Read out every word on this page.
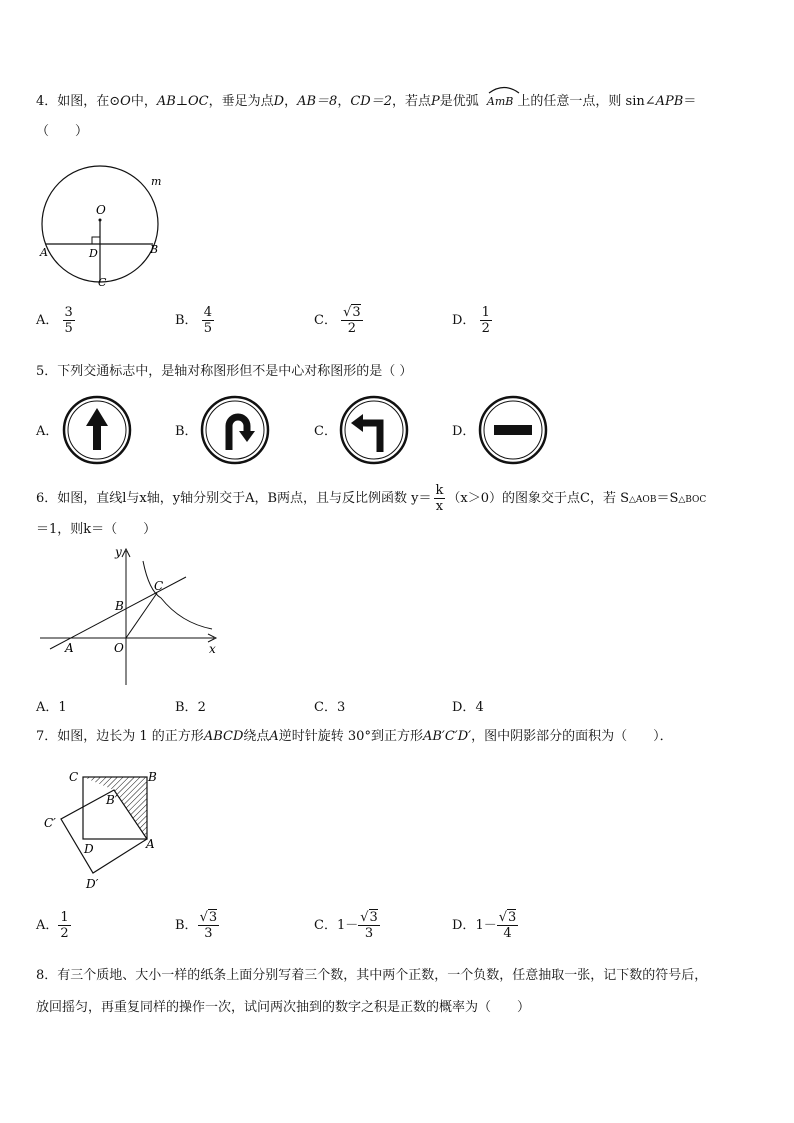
4．如图，在⊙O中，AB⊥OC，垂足为点D，AB＝8，CD＝2，若点P是优弧 AmB 上的任意一点，则 sin∠APB＝
（　　）
m
O
A	B
D
C
A． $\frac{3}{5}$	B． $\frac{4}{5}$	C． $\frac{√3}{2}$	D． $\frac{1}{2}$
5．下列交通标志中，是轴对称图形但不是中心对称图形的是（ ）
A．	B．	C．	D．
6．如图，直线l与x轴，y轴分别交于A，B两点，且与反比例函数 $y= \frac{k}{x} (x>0)$的图象交于点C，若 S△AOB＝S△BOC
＝1，则k＝（　　）
y
x
B
C
A	O
A．1	B．2	C．3	D．4
7．如图，边长为 1 的正方形ABCD绕点A逆时针旋转 30°到正方形AB′C′D′，图中阴影部分的面积为（　　）．
C	B
B′
C′
D	A
D′
A． $\frac{1}{2}$	B． $\frac{√3}{3}$	C．$1- \frac{√3}{3}$	D．$1- \frac{√3}{4}$
8．有三个质地、大小一样的纸条上面分别写着三个数，其中两个正数，一个负数，任意抽取一张，记下数的符号后，
放回摇匀，再重复同样的操作一次，试问两次抽到的数字之积是正数的概率为（　　）
